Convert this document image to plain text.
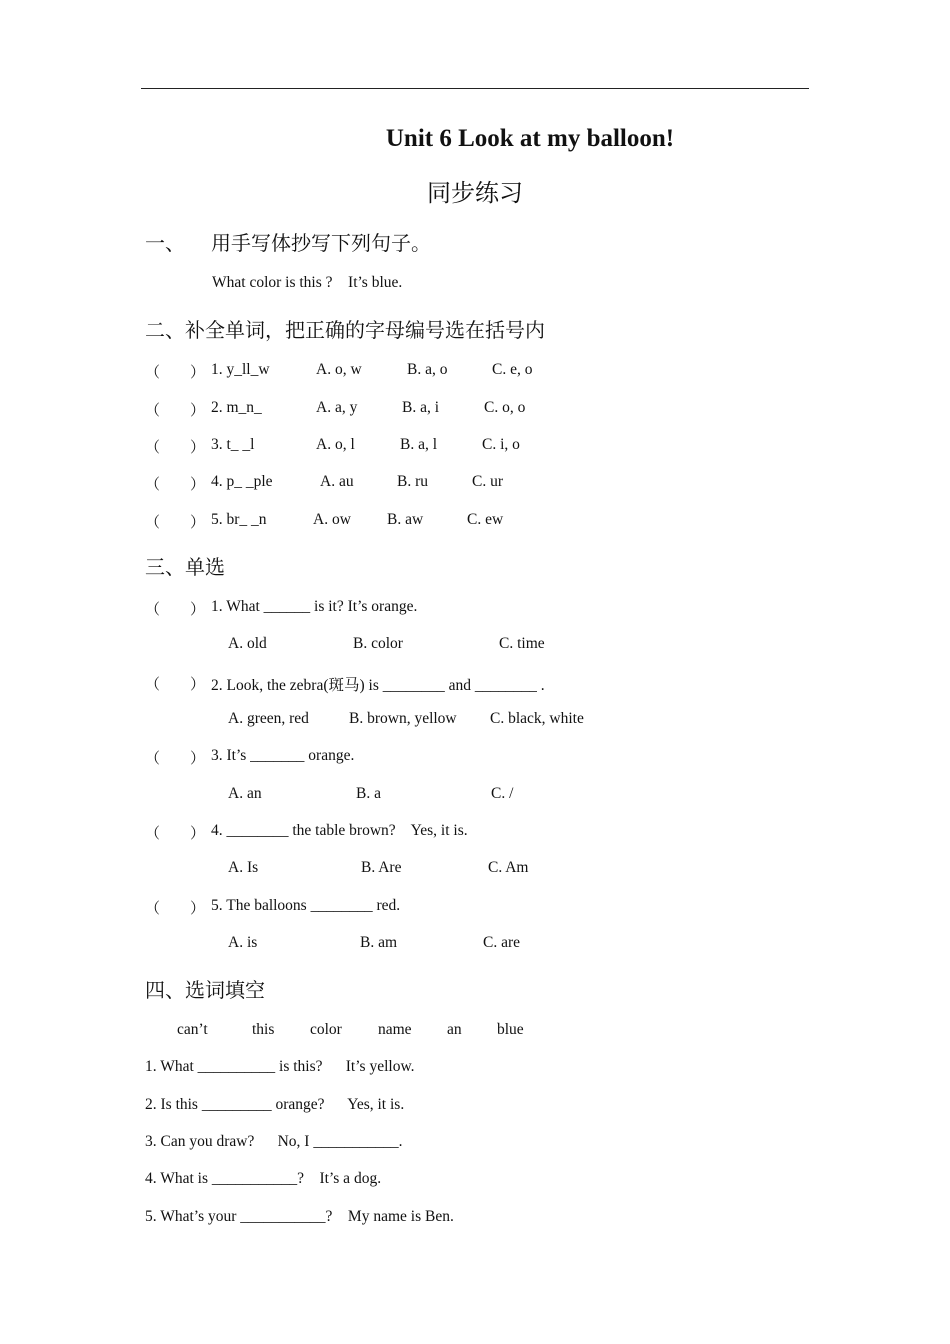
Unit 6 Look at my balloon!
同步练习
一、 用手写体抄写下列句子。
What color is this ?    It’s blue.
二、补全单词，把正确的字母编号选在括号内
（ ） 1. y_ll_w	A. o, w	B. a, o	C. e, o
（ ） 2. m_n_	A. a, y	B. a, i	C. o, o
（ ） 3. t_ _l	A. o, l	B. a, l	C. i, o
（ ） 4. p_ _ple	A. au	B. ru	C. ur
（ ） 5. br_ _n	A. ow B. aw	C. ew
三、单选
（ ） 1. What ______ is it? It’s orange.
A. old	B. color	C. time
（ ） 2. Look, the zebra(斑马) is ________ and ________ .
A. green, red	B. brown, yellow C. black, white
（ ） 3. It’s _______ orange.
A. an	B. a	C. /
（ ） 4. ________ the table brown?    Yes, it is.
A. Is	B. Are	C. Am
（ ） 5. The balloons ________ red.
A. is	B. am	C. are
四、选词填空
can’t	this color name an blue
1. What __________ is this?      It’s yellow.
2. Is this _________ orange?      Yes, it is.
3. Can you draw?      No, I ___________.
4. What is ___________?    It’s a dog.
5. What’s your ___________?    My name is Ben.
